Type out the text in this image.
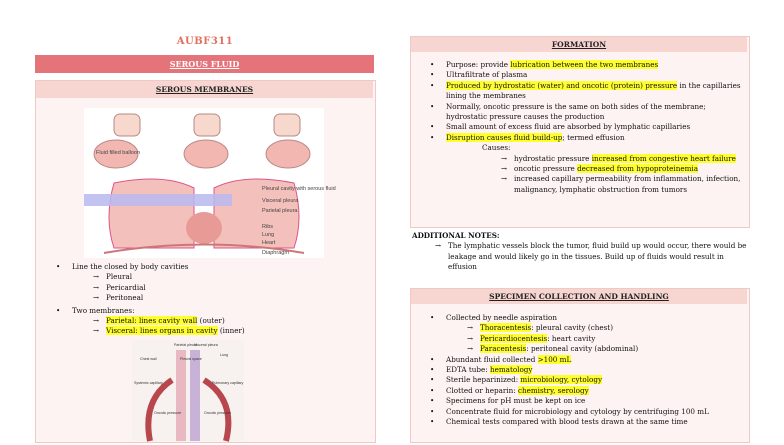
AUBF311
SEROUS FLUID
SEROUS MEMBRANES
Fluid filled balloon
Pleural cavity with serous fluid
Visceral pleura
Parietal pleura
Ribs
Lung
Heart
Diaphragm
• Line the closed by body cavities
→ Pleural
→ Pericardial
→ Peritoneal
• Two membranes:
→ Parietal: lines cavity wall (outer)
→ Visceral: lines organs in cavity (inner)
Parietal pleura
Visceral pleura
Lung
Chest wall	Pleural space
Systemic capillary	Pulmonary capillary
Oncotic pressure	Oncotic pressure
FORMATION
• Purpose: provide lubrication between the two membranes
• Ultrafiltrate of plasma
• Produced by hydrostatic (water) and oncotic (protein) pressure in the capillaries lining the membranes
• Normally, oncotic pressure is the same on both sides of the membrane; hydrostatic pressure causes the production
• Small amount of excess fluid are absorbed by lymphatic capillaries
• Disruption causes fluid build-up; termed effusion
Causes:
→ hydrostatic pressure increased from congestive heart failure
→ oncotic pressure decreased from hypoproteinemia
→ increased capillary permeability from inflammation, infection, malignancy, lymphatic obstruction from tumors
ADDITIONAL NOTES:
→ The lymphatic vessels block the tumor, fluid build up would occur, there would be leakage and would likely go in the tissues. Build up of fluids would result in effusion
SPECIMEN COLLECTION AND HANDLING
• Collected by needle aspiration
→ Thoracentesis: pleural cavity (chest)
→ Pericardiocentesis: heart cavity
→ Paracentesis: peritoneal cavity (abdominal)
• Abundant fluid collected >100 mL
• EDTA tube: hematology
• Sterile heparinized: microbiology, cytology
• Clotted or heparin: chemistry, serology
• Specimens for pH must be kept on ice
• Concentrate fluid for microbiology and cytology by centrifuging 100 mL
• Chemical tests compared with blood tests drawn at the same time
